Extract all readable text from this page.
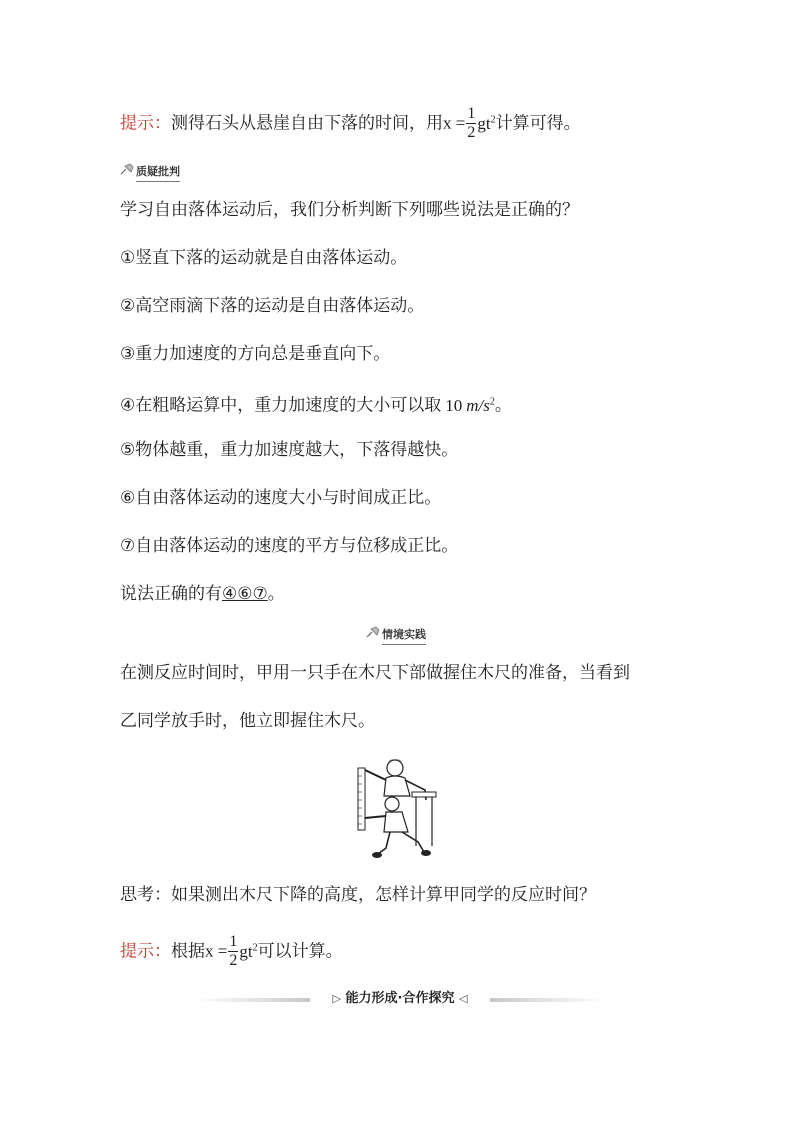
提示：测得石头从悬崖自由下落的时间，用$x = \frac{1}{2} gt^2$计算可得。
质疑批判
学习自由落体运动后，我们分析判断下列哪些说法是正确的？
①竖直下落的运动就是自由落体运动。
②高空雨滴下落的运动是自由落体运动。
③重力加速度的方向总是垂直向下。
④在粗略运算中，重力加速度的大小可以取 10 $m/s^2$。
⑤物体越重，重力加速度越大，下落得越快。
⑥自由落体运动的速度大小与时间成正比。
⑦自由落体运动的速度的平方与位移成正比。
说法正确的有④⑥⑦。
情境实践
在测反应时间时，甲用一只手在木尺下部做握住木尺的准备，当看到
乙同学放手时，他立即握住木尺。
思考：如果测出木尺下降的高度，怎样计算甲同学的反应时间？
提示：根据$x = \frac{1}{2} gt^2$可以计算。
▷ 能力形成·合作探究 ◁
